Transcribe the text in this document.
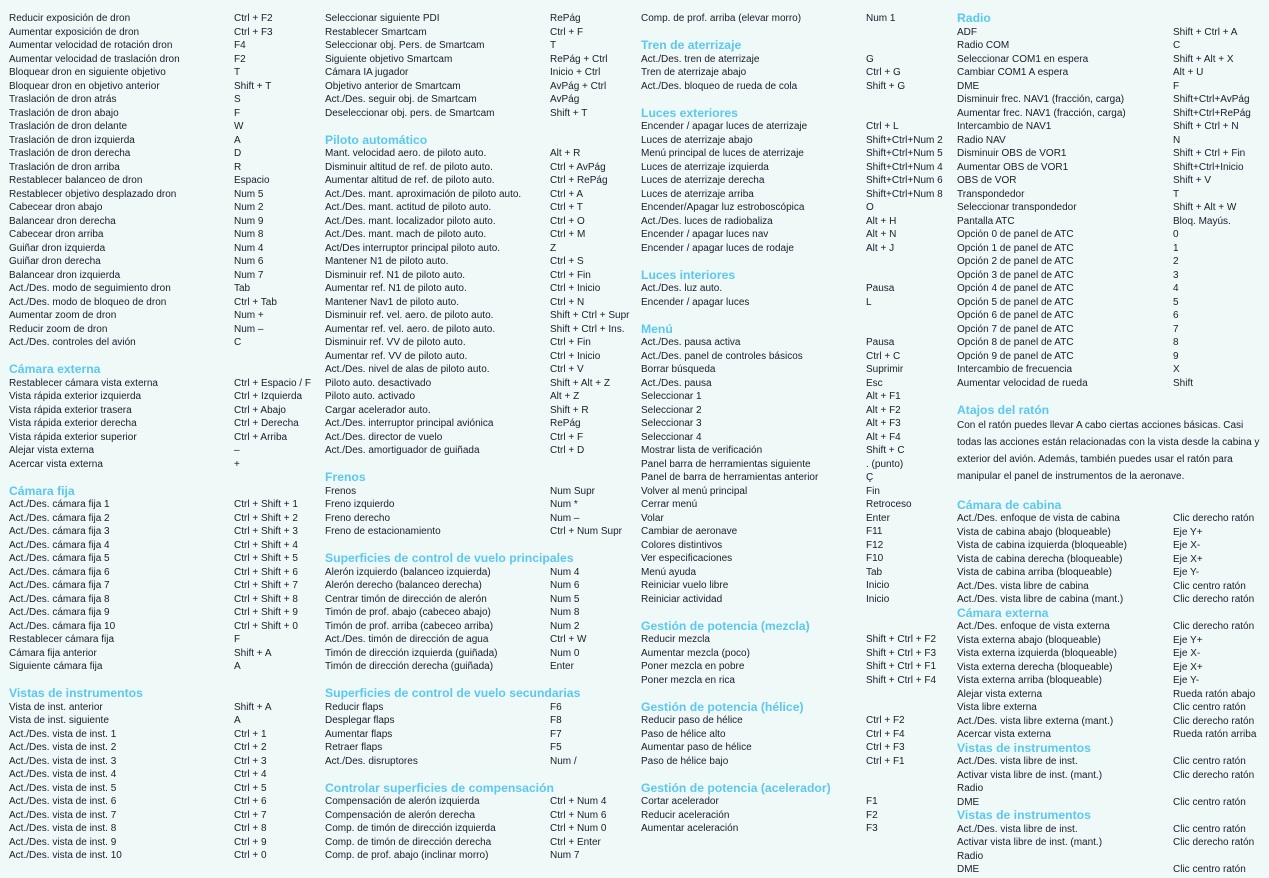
Reducir exposición de dron	Ctrl + F2
Aumentar exposición de dron	Ctrl + F3
Aumentar velocidad de rotación dron	F4
Aumentar velocidad de traslación dron	F2
Bloquear dron en siguiente objetivo	T
Bloquear dron en objetivo anterior	Shift + T
Traslación de dron atrás	S
Traslación de dron abajo	F
Traslación de dron delante	W
Traslación de dron izquierda	A
Traslación de dron derecha	D
Traslación de dron arriba	R
Restablecer balanceo de dron	Espacio
Restablecer objetivo desplazado dron	Num 5
Cabecear dron abajo	Num 2
Balancear dron derecha	Num 9
Cabecear dron arriba	Num 8
Guiñar dron izquierda	Num 4
Guiñar dron derecha	Num 6
Balancear dron izquierda	Num 7
Act./Des. modo de seguimiento dron	Tab
Act./Des. modo de bloqueo de dron	Ctrl + Tab
Aumentar zoom de dron	Num +
Reducir zoom de dron	Num –
Act./Des. controles del avión	C
Cámara externa
Restablecer cámara vista externa	Ctrl + Espacio / F
Vista rápida exterior izquierda	Ctrl + Izquierda
Vista rápida exterior trasera	Ctrl + Abajo
Vista rápida exterior derecha	Ctrl + Derecha
Vista rápida exterior superior	Ctrl + Arriba
Alejar vista externa	–
Acercar vista externa	+
Cámara fija
Act./Des. cámara fija 1	Ctrl + Shift + 1
Act./Des. cámara fija 2	Ctrl + Shift + 2
Act./Des. cámara fija 3	Ctrl + Shift + 3
Act./Des. cámara fija 4	Ctrl + Shift + 4
Act./Des. cámara fija 5	Ctrl + Shift + 5
Act./Des. cámara fija 6	Ctrl + Shift + 6
Act./Des. cámara fija 7	Ctrl + Shift + 7
Act./Des. cámara fija 8	Ctrl + Shift + 8
Act./Des. cámara fija 9	Ctrl + Shift + 9
Act./Des. cámara fija 10	Ctrl + Shift + 0
Restablecer cámara fija	F
Cámara fija anterior	Shift + A
Siguiente cámara fija	A
Vistas de instrumentos
Vista de inst. anterior	Shift + A
Vista de inst. siguiente	A
Act./Des. vista de inst. 1	Ctrl + 1
Act./Des. vista de inst. 2	Ctrl + 2
Act./Des. vista de inst. 3	Ctrl + 3
Act./Des. vista de inst. 4	Ctrl + 4
Act./Des. vista de inst. 5	Ctrl + 5
Act./Des. vista de inst. 6	Ctrl + 6
Act./Des. vista de inst. 7	Ctrl + 7
Act./Des. vista de inst. 8	Ctrl + 8
Act./Des. vista de inst. 9	Ctrl + 9
Act./Des. vista de inst. 10	Ctrl + 0
Seleccionar siguiente PDI	RePág
Restablecer Smartcam	Ctrl + F
Seleccionar obj. Pers. de Smartcam	T
Siguiente objetivo Smartcam	RePág + Ctrl
Cámara IA jugador	Inicio + Ctrl
Objetivo anterior de Smartcam	AvPág + Ctrl
Act./Des. seguir obj. de Smartcam	AvPág
Deseleccionar obj. pers. de Smartcam	Shift + T
Piloto automático
Mant. velocidad aero. de piloto auto.	Alt + R
Disminuir altitud de ref. de piloto auto.	Ctrl + AvPág
Aumentar altitud de ref. de piloto auto.	Ctrl + RePág
Act./Des. mant. aproximación de piloto auto.	Ctrl + A
Act./Des. mant. actitud de piloto auto.	Ctrl + T
Act./Des. mant. localizador piloto auto.	Ctrl + O
Act./Des. mant. mach de piloto auto.	Ctrl + M
Act/Des interruptor principal piloto auto.	Z
Mantener N1 de piloto auto.	Ctrl + S
Disminuir ref. N1 de piloto auto.	Ctrl + Fin
Aumentar ref. N1 de piloto auto.	Ctrl + Inicio
Mantener Nav1 de piloto auto.	Ctrl + N
Disminuir ref. vel. aero. de piloto auto.	Shift + Ctrl + Supr
Aumentar ref. vel. aero. de piloto auto.	Shift + Ctrl + Ins.
Disminuir ref. VV de piloto auto.	Ctrl + Fin
Aumentar ref. VV de piloto auto.	Ctrl + Inicio
Act./Des. nivel de alas de piloto auto.	Ctrl + V
Piloto auto. desactivado	Shift + Alt + Z
Piloto auto. activado	Alt + Z
Cargar acelerador auto.	Shift + R
Act./Des. interruptor principal aviónica	RePág
Act./Des. director de vuelo	Ctrl + F
Act./Des. amortiguador de guiñada	Ctrl + D
Frenos
Frenos	Num Supr
Freno izquierdo	Num *
Freno derecho	Num –
Freno de estacionamiento	Ctrl + Num Supr
Superficies de control de vuelo principales
Alerón izquierdo (balanceo izquierda)	Num 4
Alerón derecho (balanceo derecha)	Num 6
Centrar timón de dirección de alerón	Num 5
Timón de prof. abajo (cabeceo abajo)	Num 8
Timón de prof. arriba (cabeceo arriba)	Num 2
Act./Des. timón de dirección de agua	Ctrl + W
Timón de dirección izquierda (guiñada)	Num 0
Timón de dirección derecha (guiñada)	Enter
Superficies de control de vuelo secundarias
Reducir flaps	F6
Desplegar flaps	F8
Aumentar flaps	F7
Retraer flaps	F5
Act./Des. disruptores	Num /
Controlar superficies de compensación
Compensación de alerón izquierda	Ctrl + Num 4
Compensación de alerón derecha	Ctrl + Num 6
Comp. de timón de dirección izquierda	Ctrl + Num 0
Comp. de timón de dirección derecha	Ctrl + Enter
Comp. de prof. abajo (inclinar morro)	Num 7
Comp. de prof. arriba (elevar morro)	Num 1
Tren de aterrizaje
Act./Des. tren de aterrizaje	G
Tren de aterrizaje abajo	Ctrl + G
Act./Des. bloqueo de rueda de cola	Shift + G
Luces exteriores
Encender / apagar luces de aterrizaje	Ctrl + L
Luces de aterrizaje abajo	Shift+Ctrl+Num 2
Menú principal de luces de aterrizaje	Shift+Ctrl+Num 5
Luces de aterrizaje izquierda	Shift+Ctrl+Num 4
Luces de aterrizaje derecha	Shift+Ctrl+Num 6
Luces de aterrizaje arriba	Shift+Ctrl+Num 8
Encender/Apagar luz estroboscópica	O
Act./Des. luces de radiobaliza	Alt + H
Encender / apagar luces nav	Alt + N
Encender / apagar luces de rodaje	Alt + J
Luces interiores
Act./Des. luz auto.	Pausa
Encender / apagar luces	L
Menú
Act./Des. pausa activa	Pausa
Act./Des. panel de controles básicos	Ctrl + C
Borrar búsqueda	Suprimir
Act./Des. pausa	Esc
Seleccionar 1	Alt + F1
Seleccionar 2	Alt + F2
Seleccionar 3	Alt + F3
Seleccionar 4	Alt + F4
Mostrar lista de verificación	Shift + C
Panel barra de herramientas siguiente	. (punto)
Panel de barra de herramientas anterior	Ç
Volver al menú principal	Fin
Cerrar menú	Retroceso
Volar	Enter
Cambiar de aeronave	F11
Colores distintivos	F12
Ver especificaciones	F10
Menú ayuda	Tab
Reiniciar vuelo libre	Inicio
Reiniciar actividad	Inicio
Gestión de potencia (mezcla)
Reducir mezcla	Shift + Ctrl + F2
Aumentar mezcla (poco)	Shift + Ctrl + F3
Poner mezcla en pobre	Shift + Ctrl + F1
Poner mezcla en rica	Shift + Ctrl + F4
Gestión de potencia (hélice)
Reducir paso de hélice	Ctrl + F2
Paso de hélice alto	Ctrl + F4
Aumentar paso de hélice	Ctrl + F3
Paso de hélice bajo	Ctrl + F1
Gestión de potencia (acelerador)
Cortar acelerador	F1
Reducir aceleración	F2
Aumentar aceleración	F3
Radio
ADF	Shift + Ctrl + A
Radio COM	C
Seleccionar COM1 en espera	Shift + Alt + X
Cambiar COM1 A espera	Alt + U
DME	F
Disminuir frec. NAV1 (fracción, carga)	Shift+Ctrl+AvPág
Aumentar frec. NAV1 (fracción, carga)	Shift+Ctrl+RePág
Intercambio de NAV1	Shift + Ctrl + N
Radio NAV	N
Disminuir OBS de VOR1	Shift + Ctrl + Fin
Aumentar OBS de VOR1	Shift+Ctrl+Inicio
OBS de VOR	Shift + V
Transpondedor	T
Seleccionar transpondedor	Shift + Alt + W
Pantalla ATC	Bloq. Mayús.
Opción 0 de panel de ATC	0
Opción 1 de panel de ATC	1
Opción 2 de panel de ATC	2
Opción 3 de panel de ATC	3
Opción 4 de panel de ATC	4
Opción 5 de panel de ATC	5
Opción 6 de panel de ATC	6
Opción 7 de panel de ATC	7
Opción 8 de panel de ATC	8
Opción 9 de panel de ATC	9
Intercambio de frecuencia	X
Aumentar velocidad de rueda	Shift
Atajos del ratón
Con el ratón puedes llevar A cabo ciertas acciones básicas. Casi todas las acciones están relacionadas con la vista desde la cabina y exterior del avión. Además, también puedes usar el ratón para manipular el panel de instrumentos de la aeronave.
Cámara de cabina
Act./Des. enfoque de vista de cabina	Clic derecho ratón
Vista de cabina abajo (bloqueable)	Eje Y+
Vista de cabina izquierda (bloqueable)	Eje X-
Vista de cabina derecha (bloqueable)	Eje X+
Vista de cabina arriba (bloqueable)	Eje Y-
Act./Des. vista libre de cabina	Clic centro ratón
Act./Des. vista libre de cabina (mant.)	Clic derecho ratón
Cámara externa
Act./Des. enfoque de vista externa	Clic derecho ratón
Vista externa abajo (bloqueable)	Eje Y+
Vista externa izquierda (bloqueable)	Eje X-
Vista externa derecha (bloqueable)	Eje X+
Vista externa arriba (bloqueable)	Eje Y-
Alejar vista externa	Rueda ratón abajo
Vista libre externa	Clic centro ratón
Act./Des. vista libre externa (mant.)	Clic derecho ratón
Acercar vista externa	Rueda ratón arriba
Vistas de instrumentos
Act./Des. vista libre de inst.	Clic centro ratón
Activar vista libre de inst. (mant.)	Clic derecho ratón
Radio
DME	Clic centro ratón
Vistas de instrumentos
Act./Des. vista libre de inst.	Clic centro ratón
Activar vista libre de inst. (mant.)	Clic derecho ratón
Radio
DME	Clic centro ratón
